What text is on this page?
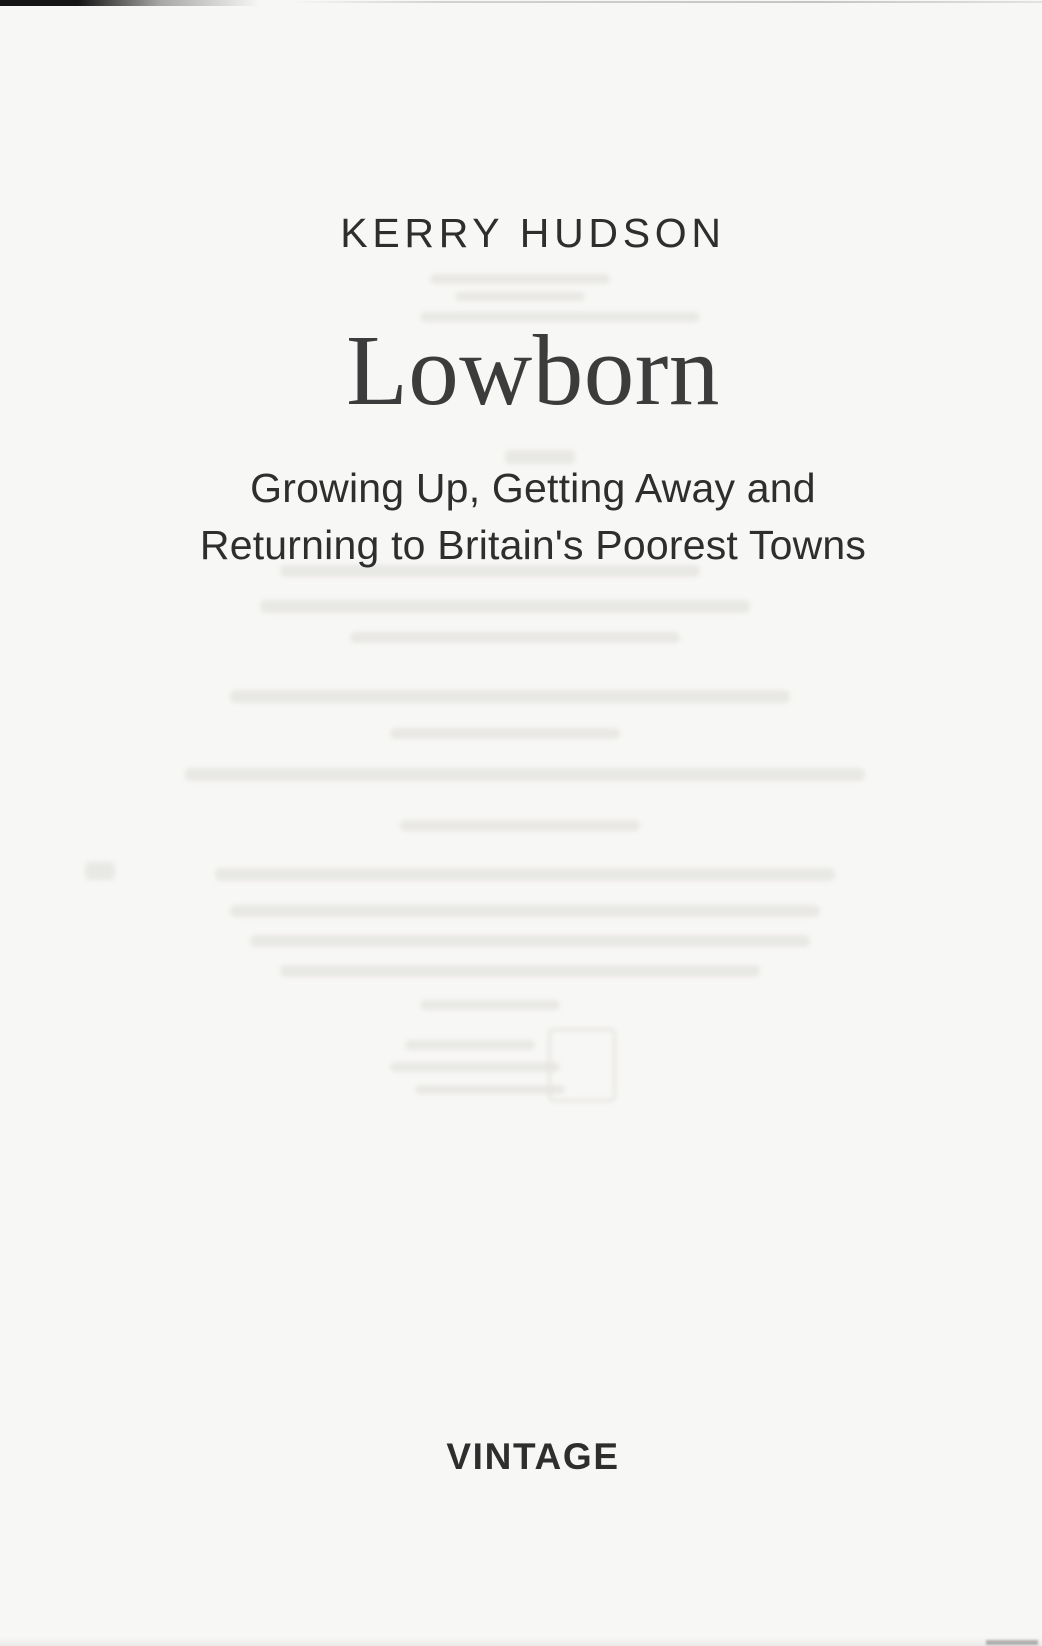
KERRY HUDSON
Lowborn
Growing Up, Getting Away and
Returning to Britain's Poorest Towns
VINTAGE
